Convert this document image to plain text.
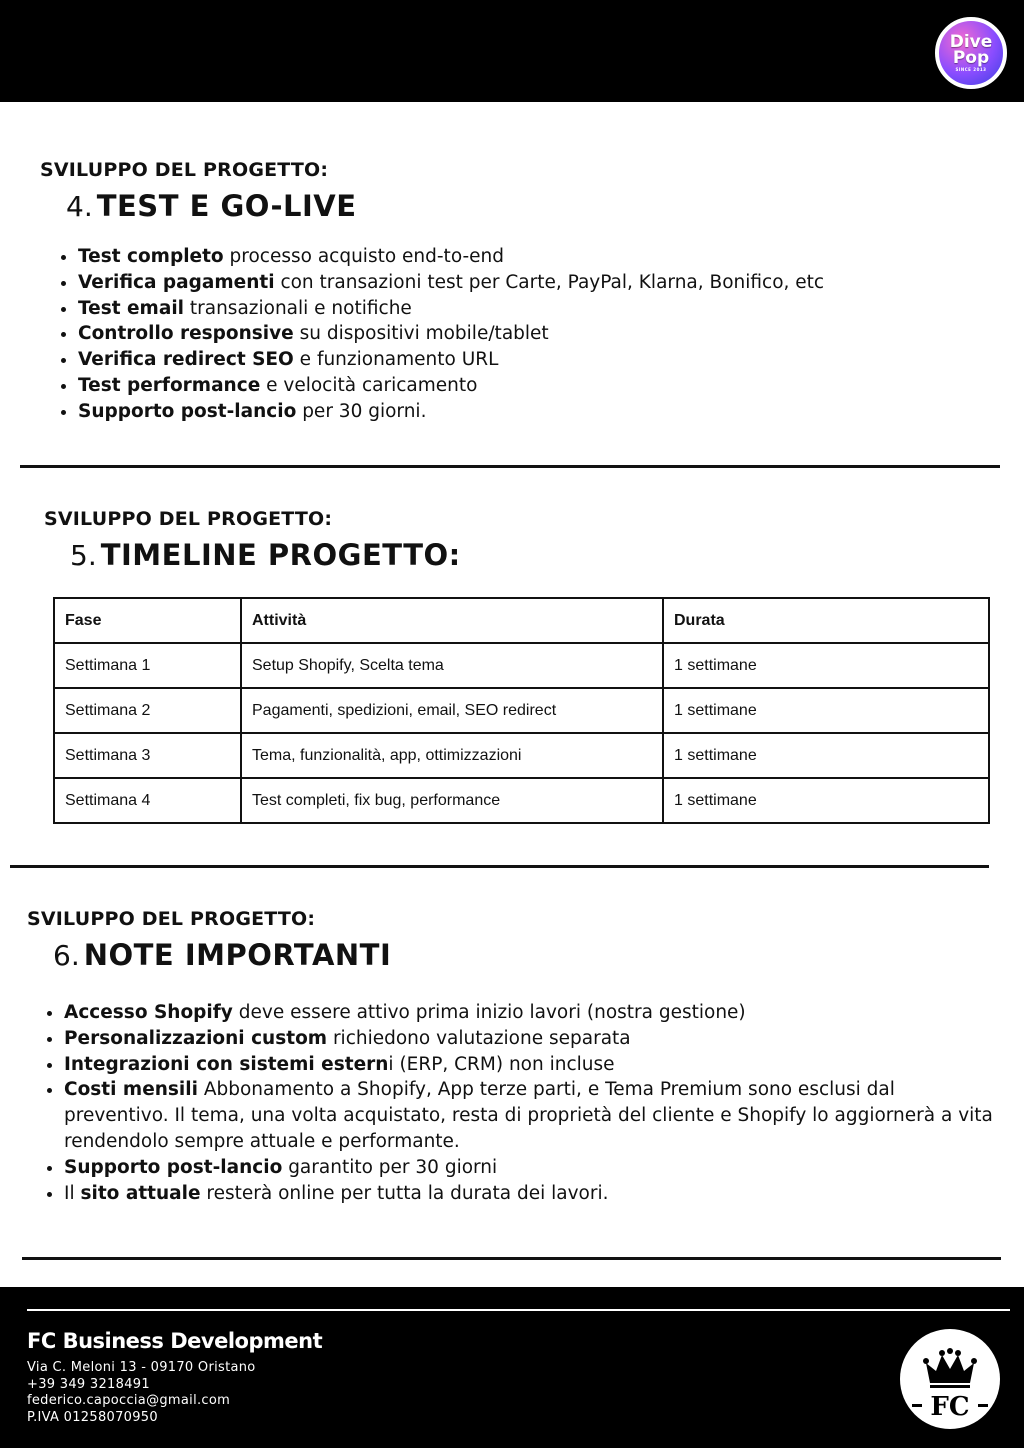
Dive
Pop
SINCE 2013
SVILUPPO DEL PROGETTO:
4. TEST E GO-LIVE
• Test completo processo acquisto end-to-end
• Verifica pagamenti con transazioni test per Carte, PayPal, Klarna, Bonifico, etc
• Test email transazionali e notifiche
• Controllo responsive su dispositivi mobile/tablet
• Verifica redirect SEO e funzionamento URL
• Test performance e velocità caricamento
• Supporto post-lancio per 30 giorni.
SVILUPPO DEL PROGETTO:
5. TIMELINE PROGETTO:
Fase	Attività	Durata
Settimana 1	Setup Shopify, Scelta tema	1 settimane
Settimana 2	Pagamenti, spedizioni, email, SEO redirect	1 settimane
Settimana 3	Tema, funzionalità, app, ottimizzazioni	1 settimane
Settimana 4	Test completi, fix bug, performance	1 settimane
SVILUPPO DEL PROGETTO:
6. NOTE IMPORTANTI
• Accesso Shopify deve essere attivo prima inizio lavori (nostra gestione)
• Personalizzazioni custom richiedono valutazione separata
• Integrazioni con sistemi esterni (ERP, CRM) non incluse
• Costi mensili Abbonamento a Shopify, App terze parti, e Tema Premium sono esclusi dal preventivo. Il tema, una volta acquistato, resta di proprietà del cliente e Shopify lo aggiornerà a vita rendendolo sempre attuale e performante.
• Supporto post-lancio garantito per 30 giorni
• Il sito attuale resterà online per tutta la durata dei lavori.
FC Business Development
Via C. Meloni 13 - 09170 Oristano
+39 349 3218491
federico.capoccia@gmail.com
P.IVA 01258070950	FC
